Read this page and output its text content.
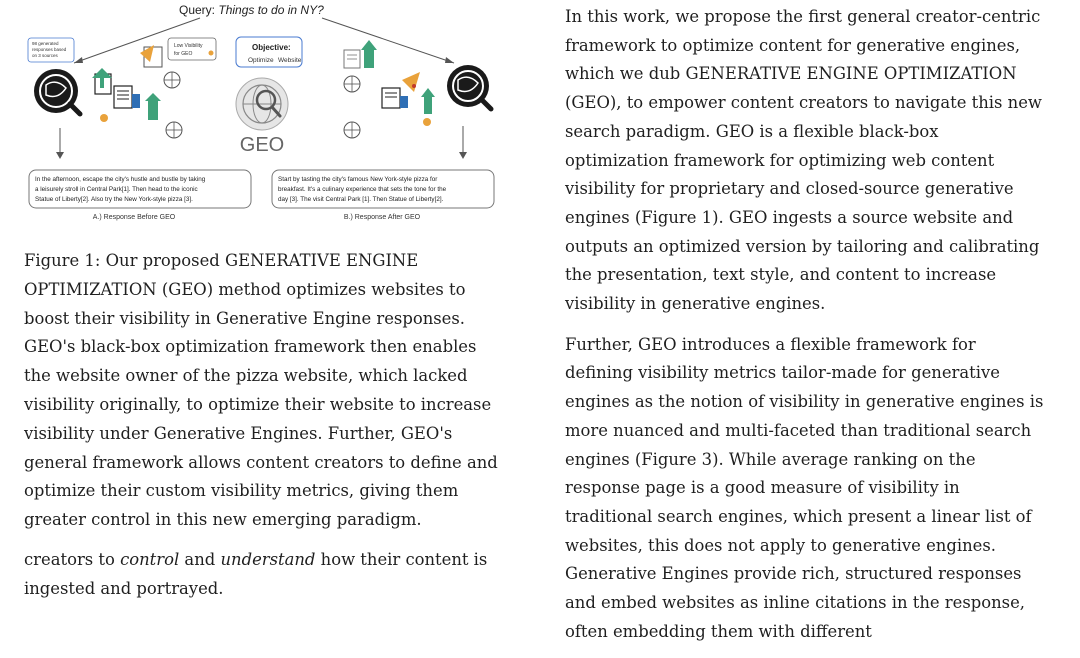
Query: Things to do in NY?
98 generated
responses based
on 3 sources
Low Visibility
for GEO
Objective:
Optimize Website
GEO
In the afternoon, escape the city's hustle and bustle by taking
a leisurely stroll in Central Park[1]. Then head to the iconic
Statue of Liberty[2]. Also try the New York-style pizza [3].
Start by tasting the city's famous New York-style pizza for
breakfast. It's a culinary experience that sets the tone for the
day [3]. The visit Central Park [1]. Then Statue of Liberty[2].
A.) Response Before GEO	B.) Response After GEO

Figure 1: Our proposed GENERATIVE ENGINE OPTIMIZATION (GEO) method optimizes websites to boost their visibility in Generative Engine responses. GEO's black-box optimization framework then enables the website owner of the pizza website, which lacked visibility originally, to optimize their website to increase visibility under Generative Engines. Further, GEO's general framework allows content creators to define and optimize their custom visibility metrics, giving them greater control in this new emerging paradigm.

creators to control and understand how their content is ingested and portrayed.

In this work, we propose the first general creator-centric framework to optimize content for generative engines, which we dub GENERATIVE ENGINE OPTIMIZATION (GEO), to empower content creators to navigate this new search paradigm. GEO is a flexible black-box optimization framework for optimizing web content visibility for proprietary and closed-source generative engines (Figure 1). GEO ingests a source website and outputs an optimized version by tailoring and calibrating the presentation, text style, and content to increase visibility in generative engines.

Further, GEO introduces a flexible framework for defining visibility metrics tailor-made for generative engines as the notion of visibility in generative engines is more nuanced and multi-faceted than traditional search engines (Figure 3). While average ranking on the response page is a good measure of visibility in traditional search engines, which present a linear list of websites, this does not apply to generative engines. Generative Engines provide rich, structured responses and embed websites as inline citations in the response, often embedding them with different
